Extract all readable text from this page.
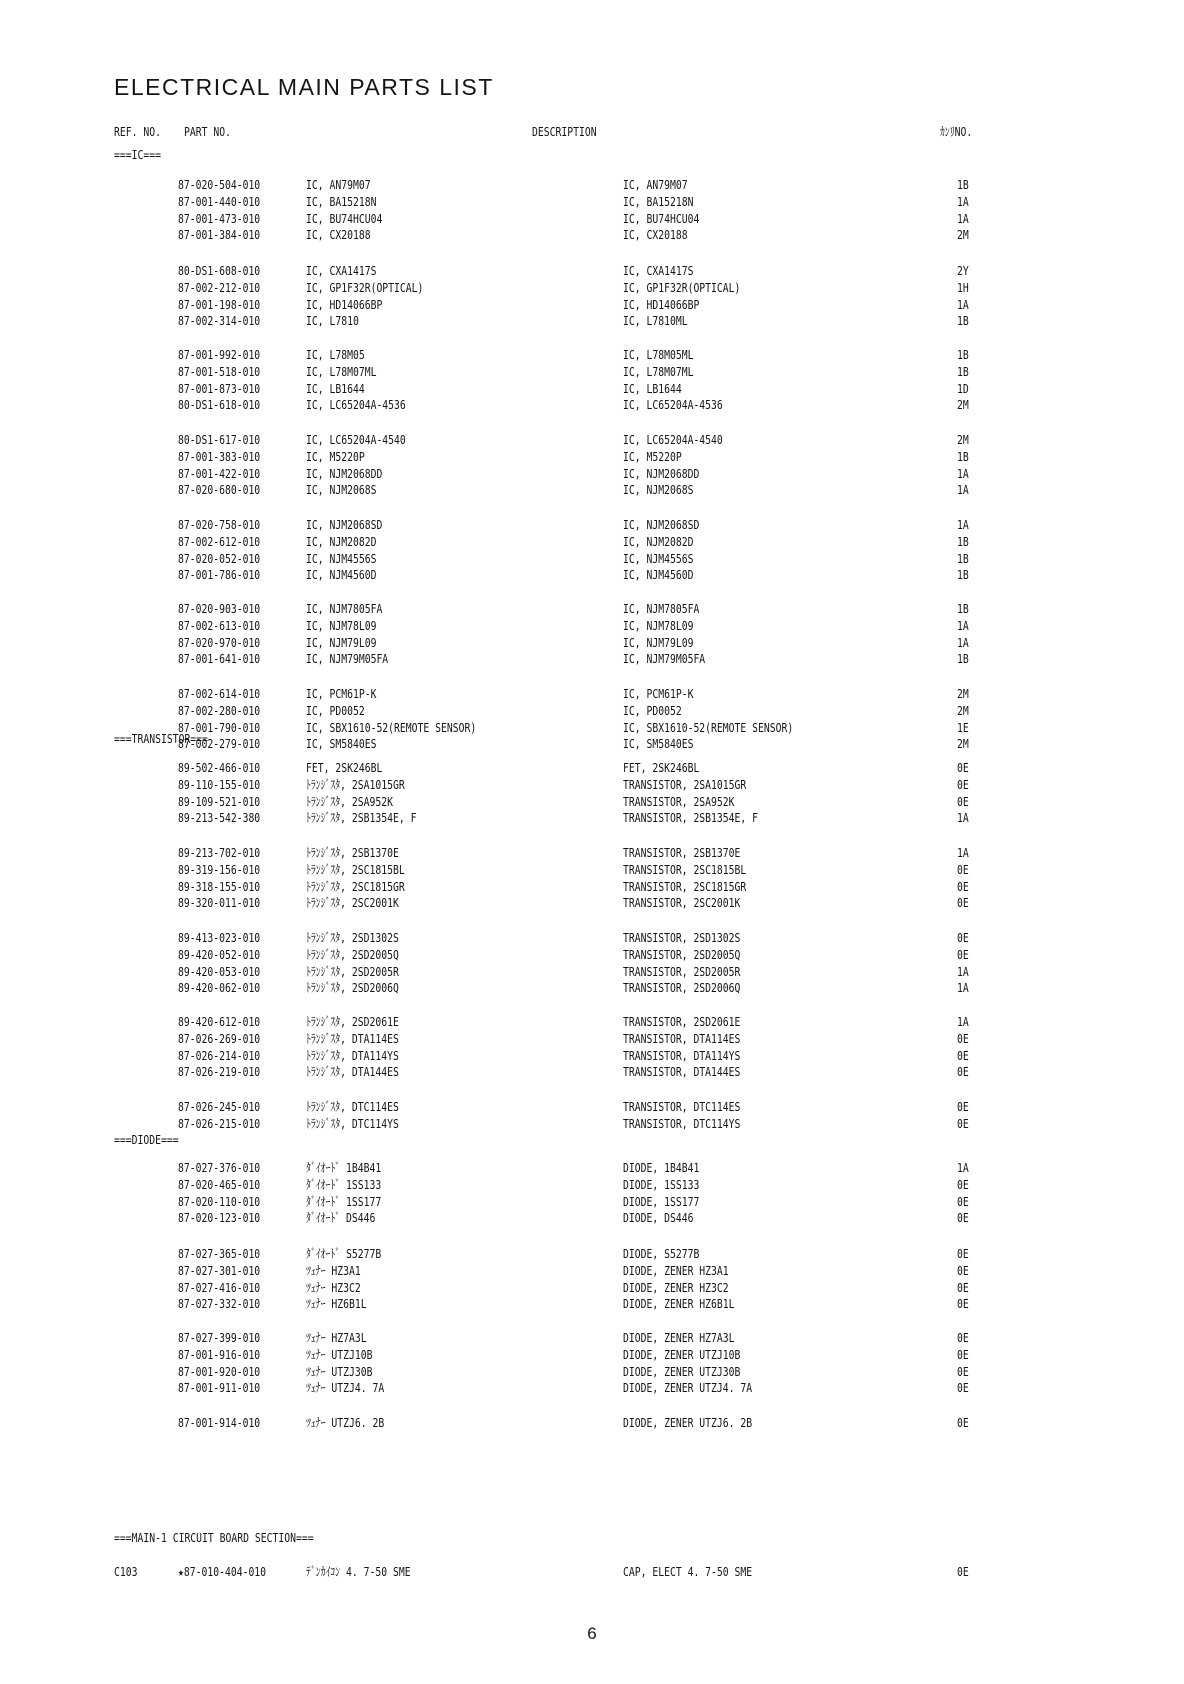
ELECTRICAL MAIN PARTS LIST
REF. NO. PART NO.	DESCRIPTION	ｶﾝﾘNO.
===IC===
87-020-504-010	IC, AN79M07	IC, AN79M07	1B
87-001-440-010	IC, BA15218N	IC, BA15218N	1A
87-001-473-010	IC, BU74HCU04	IC, BU74HCU04	1A
87-001-384-010	IC, CX20188	IC, CX20188	2M
80-DS1-608-010	IC, CXA1417S	IC, CXA1417S	2Y
87-002-212-010	IC, GP1F32R(OPTICAL)	IC, GP1F32R(OPTICAL)	1H
87-001-198-010	IC, HD14066BP	IC, HD14066BP	1A
87-002-314-010	IC, L7810	IC, L7810ML	1B
87-001-992-010	IC, L78M05	IC, L78M05ML	1B
87-001-518-010	IC, L78M07ML	IC, L78M07ML	1B
87-001-873-010	IC, LB1644	IC, LB1644	1D
80-DS1-618-010	IC, LC65204A-4536	IC, LC65204A-4536	2M
80-DS1-617-010	IC, LC65204A-4540	IC, LC65204A-4540	2M
87-001-383-010	IC, M5220P	IC, M5220P	1B
87-001-422-010	IC, NJM2068DD	IC, NJM2068DD	1A
87-020-680-010	IC, NJM2068S	IC, NJM2068S	1A
87-020-758-010	IC, NJM2068SD	IC, NJM2068SD	1A
87-002-612-010	IC, NJM2082D	IC, NJM2082D	1B
87-020-052-010	IC, NJM4556S	IC, NJM4556S	1B
87-001-786-010	IC, NJM4560D	IC, NJM4560D	1B
87-020-903-010	IC, NJM7805FA	IC, NJM7805FA	1B
87-002-613-010	IC, NJM78L09	IC, NJM78L09	1A
87-020-970-010	IC, NJM79L09	IC, NJM79L09	1A
87-001-641-010	IC, NJM79M05FA	IC, NJM79M05FA	1B
87-002-614-010	IC, PCM61P-K	IC, PCM61P-K	2M
87-002-280-010	IC, PD0052	IC, PD0052	2M
87-001-790-010	IC, SBX1610-52(REMOTE SENSOR)	IC, SBX1610-52(REMOTE SENSOR)	1E
87-002-279-010	IC, SM5840ES	IC, SM5840ES	2M
===TRANSISTOR===
89-502-466-010	FET, 2SK246BL	FET, 2SK246BL	0E
89-110-155-010	ﾄﾗﾝｼﾞｽﾀ, 2SA1015GR	TRANSISTOR, 2SA1015GR	0E
89-109-521-010	ﾄﾗﾝｼﾞｽﾀ, 2SA952K	TRANSISTOR, 2SA952K	0E
89-213-542-380	ﾄﾗﾝｼﾞｽﾀ, 2SB1354E, F	TRANSISTOR, 2SB1354E, F	1A
89-213-702-010	ﾄﾗﾝｼﾞｽﾀ, 2SB1370E	TRANSISTOR, 2SB1370E	1A
89-319-156-010	ﾄﾗﾝｼﾞｽﾀ, 2SC1815BL	TRANSISTOR, 2SC1815BL	0E
89-318-155-010	ﾄﾗﾝｼﾞｽﾀ, 2SC1815GR	TRANSISTOR, 2SC1815GR	0E
89-320-011-010	ﾄﾗﾝｼﾞｽﾀ, 2SC2001K	TRANSISTOR, 2SC2001K	0E
89-413-023-010	ﾄﾗﾝｼﾞｽﾀ, 2SD1302S	TRANSISTOR, 2SD1302S	0E
89-420-052-010	ﾄﾗﾝｼﾞｽﾀ, 2SD2005Q	TRANSISTOR, 2SD2005Q	0E
89-420-053-010	ﾄﾗﾝｼﾞｽﾀ, 2SD2005R	TRANSISTOR, 2SD2005R	1A
89-420-062-010	ﾄﾗﾝｼﾞｽﾀ, 2SD2006Q	TRANSISTOR, 2SD2006Q	1A
89-420-612-010	ﾄﾗﾝｼﾞｽﾀ, 2SD2061E	TRANSISTOR, 2SD2061E	1A
87-026-269-010	ﾄﾗﾝｼﾞｽﾀ, DTA114ES	TRANSISTOR, DTA114ES	0E
87-026-214-010	ﾄﾗﾝｼﾞｽﾀ, DTA114YS	TRANSISTOR, DTA114YS	0E
87-026-219-010	ﾄﾗﾝｼﾞｽﾀ, DTA144ES	TRANSISTOR, DTA144ES	0E
87-026-245-010	ﾄﾗﾝｼﾞｽﾀ, DTC114ES	TRANSISTOR, DTC114ES	0E
87-026-215-010	ﾄﾗﾝｼﾞｽﾀ, DTC114YS	TRANSISTOR, DTC114YS	0E
===DIODE===
87-027-376-010	ﾀﾞｲｵｰﾄﾞ 1B4B41	DIODE, 1B4B41	1A
87-020-465-010	ﾀﾞｲｵｰﾄﾞ 1SS133	DIODE, 1SS133	0E
87-020-110-010	ﾀﾞｲｵｰﾄﾞ 1SS177	DIODE, 1SS177	0E
87-020-123-010	ﾀﾞｲｵｰﾄﾞ DS446	DIODE, DS446	0E
87-027-365-010	ﾀﾞｲｵｰﾄﾞ S5277B	DIODE, S5277B	0E
87-027-301-010	ﾂｪﾅｰ HZ3A1	DIODE, ZENER HZ3A1	0E
87-027-416-010	ﾂｪﾅｰ HZ3C2	DIODE, ZENER HZ3C2	0E
87-027-332-010	ﾂｪﾅｰ HZ6B1L	DIODE, ZENER HZ6B1L	0E
87-027-399-010	ﾂｪﾅｰ HZ7A3L	DIODE, ZENER HZ7A3L	0E
87-001-916-010	ﾂｪﾅｰ UTZJ10B	DIODE, ZENER UTZJ10B	0E
87-001-920-010	ﾂｪﾅｰ UTZJ30B	DIODE, ZENER UTZJ30B	0E
87-001-911-010	ﾂｪﾅｰ UTZJ4. 7A	DIODE, ZENER UTZJ4. 7A	0E
87-001-914-010	ﾂｪﾅｰ UTZJ6. 2B	DIODE, ZENER UTZJ6. 2B	0E
===MAIN-1 CIRCUIT BOARD SECTION===
C103	★87-010-404-010	ﾃﾞﾝｶｲｺﾝ 4. 7-50 SME	CAP, ELECT 4. 7-50 SME	0E
6
